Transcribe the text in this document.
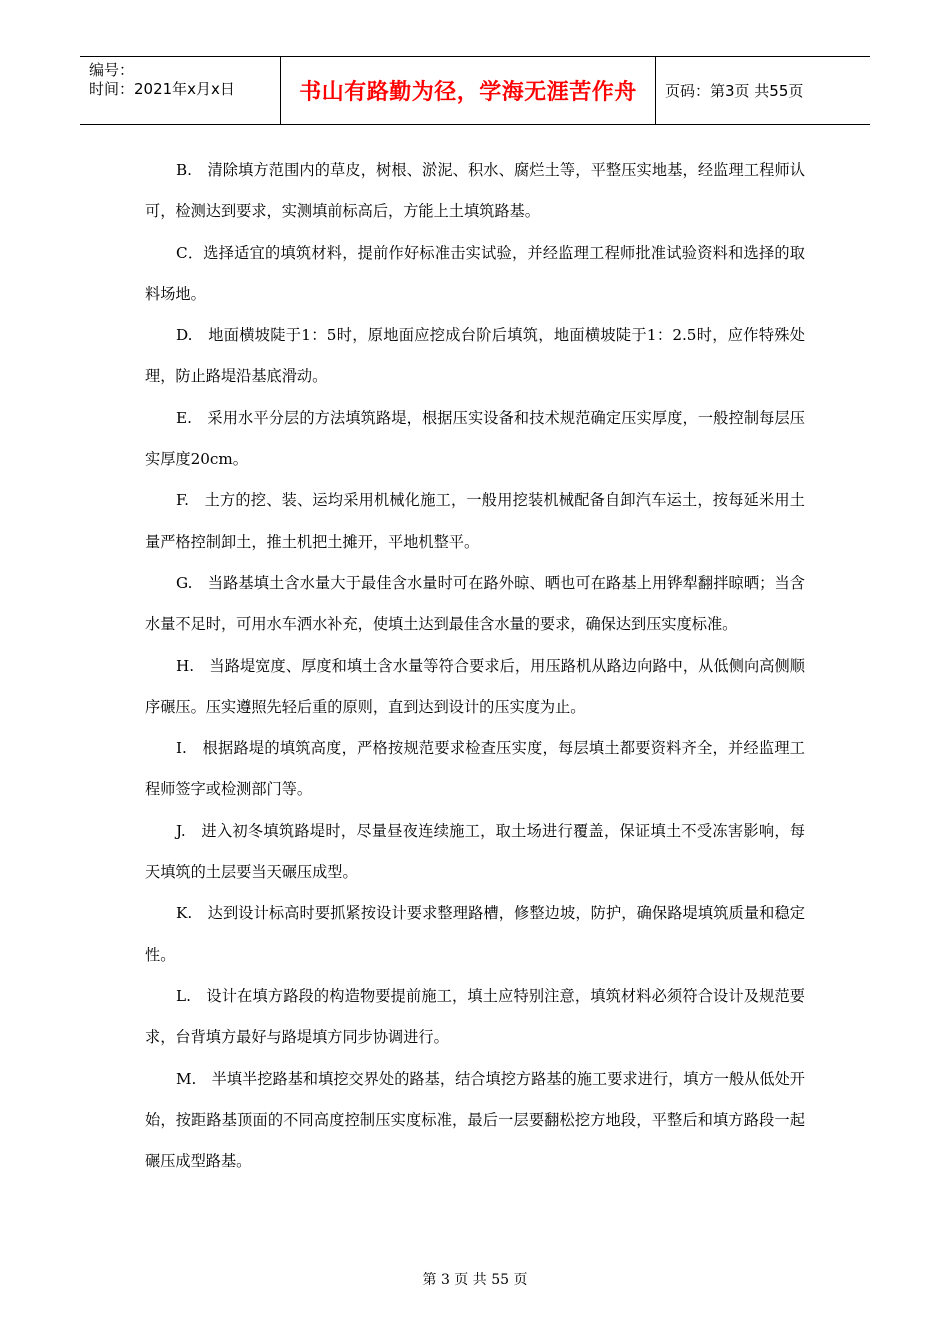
编号：
时间：2021年x月x日	书山有路勤为径，学海无涯苦作舟	页码：第3页 共55页

B.　清除填方范围内的草皮，树根、淤泥、积水、腐烂土等，平整压实地基，经监理工程师认可，检测达到要求，实测填前标高后，方能上土填筑路基。

C．选择适宜的填筑材料，提前作好标准击实试验，并经监理工程师批准试验资料和选择的取料场地。

D.　地面横坡陡于1：5时，原地面应挖成台阶后填筑，地面横坡陡于1：2.5时，应作特殊处理，防止路堤沿基底滑动。

E.　采用水平分层的方法填筑路堤，根据压实设备和技术规范确定压实厚度，一般控制每层压实厚度20cm。

F.　土方的挖、装、运均采用机械化施工，一般用挖装机械配备自卸汽车运土，按每延米用土量严格控制卸土，推土机把土摊开，平地机整平。

G.　当路基填土含水量大于最佳含水量时可在路外晾、晒也可在路基上用铧犁翻拌晾晒；当含水量不足时，可用水车洒水补充，使填土达到最佳含水量的要求，确保达到压实度标准。

H.　当路堤宽度、厚度和填土含水量等符合要求后，用压路机从路边向路中，从低侧向高侧顺序碾压。压实遵照先轻后重的原则，直到达到设计的压实度为止。

I.　根据路堤的填筑高度，严格按规范要求检查压实度，每层填土都要资料齐全，并经监理工程师签字或检测部门等。

J.　进入初冬填筑路堤时，尽量昼夜连续施工，取土场进行覆盖，保证填土不受冻害影响，每天填筑的土层要当天碾压成型。

K.　达到设计标高时要抓紧按设计要求整理路槽，修整边坡，防护，确保路堤填筑质量和稳定性。

L.　设计在填方路段的构造物要提前施工，填土应特别注意，填筑材料必须符合设计及规范要求，台背填方最好与路堤填方同步协调进行。

M.　半填半挖路基和填挖交界处的路基，结合填挖方路基的施工要求进行，填方一般从低处开始，按距路基顶面的不同高度控制压实度标准，最后一层要翻松挖方地段，平整后和填方路段一起碾压成型路基。

第 3 页 共 55 页
